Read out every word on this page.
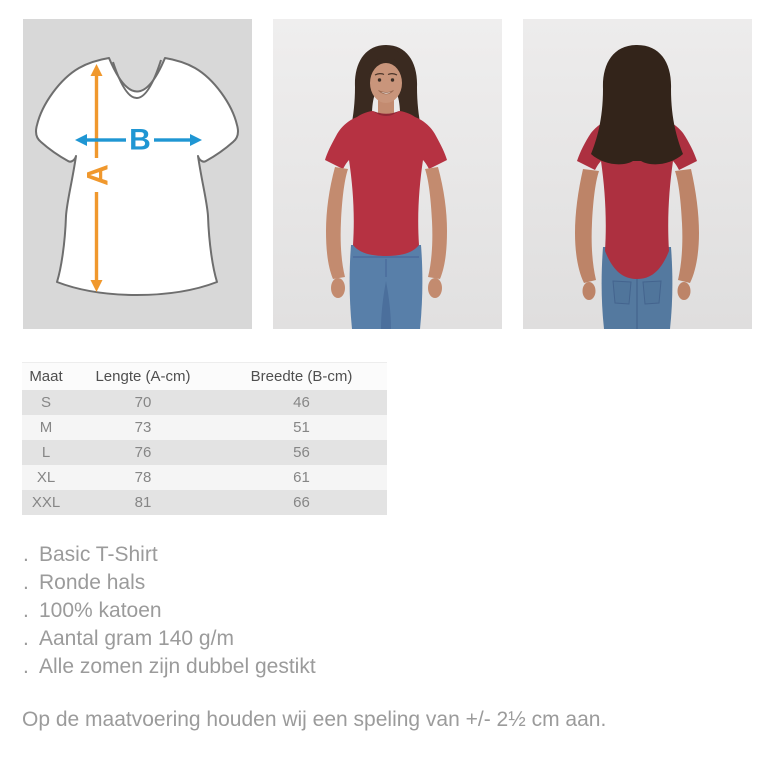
A
B
Maat	Lengte (A-cm)	Breedte (B-cm)
S	70	46
M	73	51
L	76	56
XL	78	61
XXL	81	66
. Basic T-Shirt
. Ronde hals
. 100% katoen
. Aantal gram 140 g/m
. Alle zomen zijn dubbel gestikt
Op de maatvoering houden wij een speling van +/- 2½ cm aan.
